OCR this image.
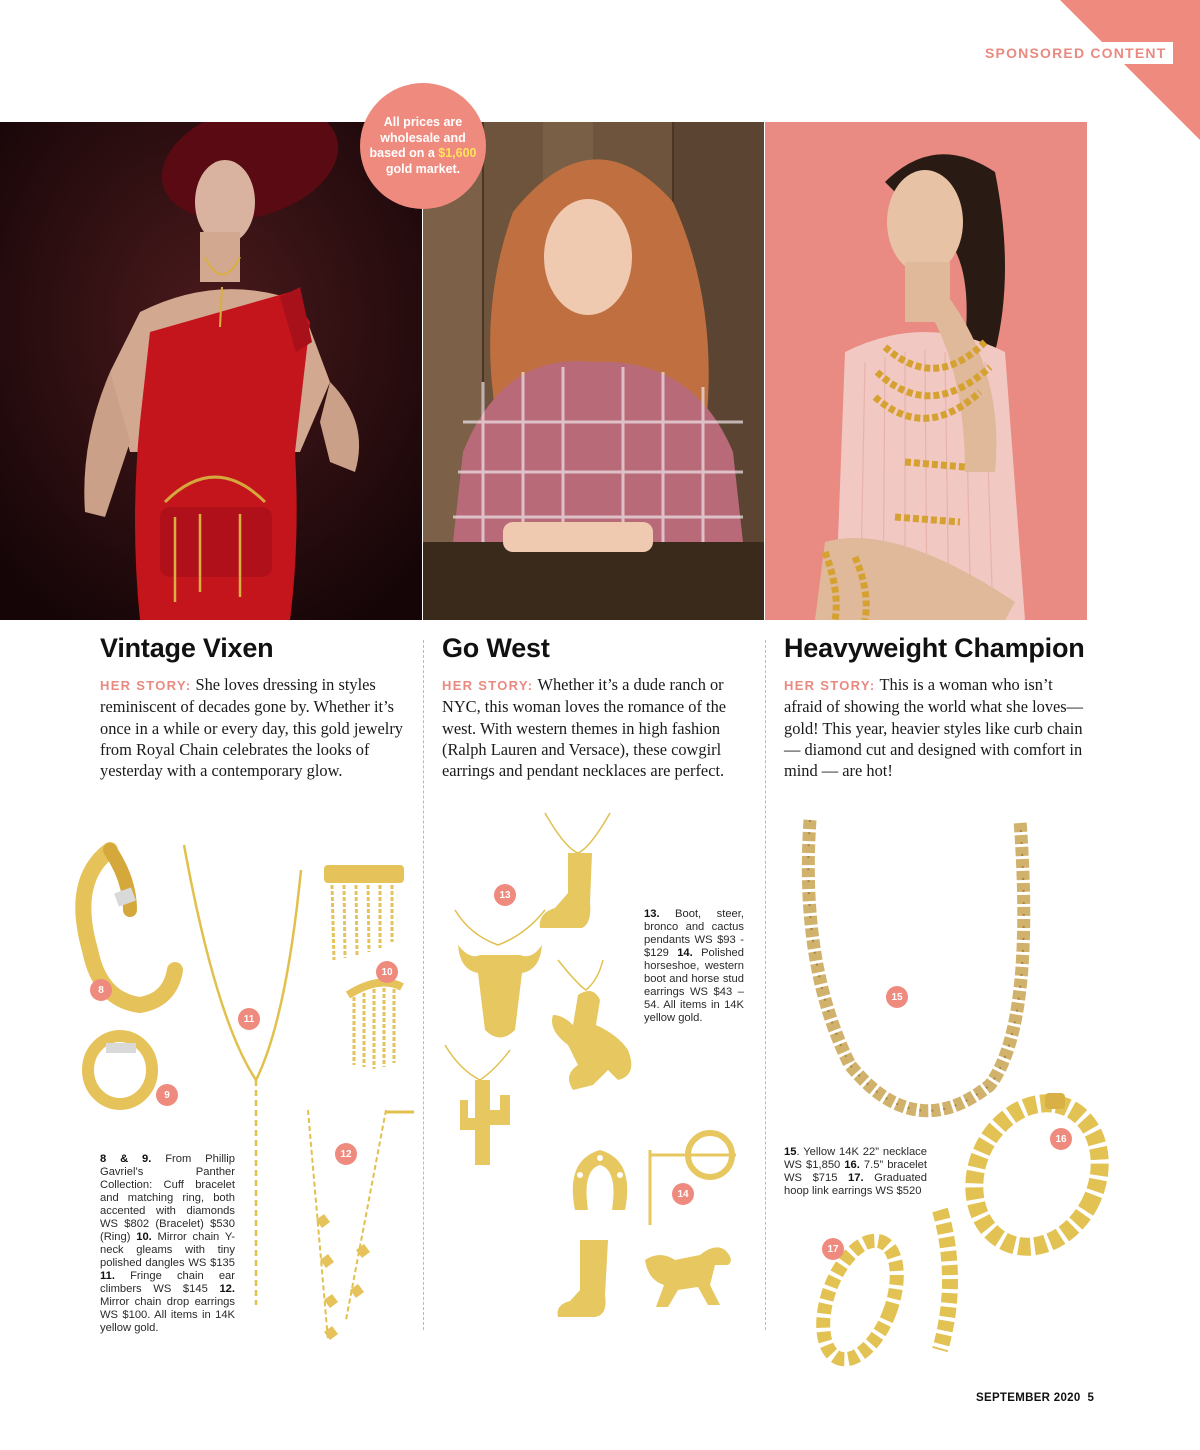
SPONSORED CONTENT

All prices are wholesale and based on a $1,600 gold market.

Vintage Vixen

HER STORY: She loves dressing in styles reminiscent of decades gone by. Whether it’s once in a while or every day, this gold jewelry from Royal Chain celebrates the looks of yesterday with a contemporary glow.

Go West

HER STORY: Whether it’s a dude ranch or NYC, this woman loves the romance of the west. With western themes in high fashion (Ralph Lauren and Versace), these cowgirl earrings and pendant necklaces are perfect.

Heavyweight Champion

HER STORY: This is a woman who isn’t afraid of showing the world what she loves—gold! This year, heavier styles like curb chain — diamond cut and designed with comfort in mind — are hot!

8 & 9. From Phillip Gavriel’s Panther Collection: Cuff bracelet and matching ring, both accented with diamonds WS $802 (Bracelet) $530 (Ring) 10. Mirror chain Y-neck gleams with tiny polished dangles WS $135 11. Fringe chain ear climbers WS $145 12. Mirror chain drop earrings WS $100. All items in 14K yellow gold.

13. Boot, steer, bronco and cactus pendants WS $93 - $129 14. Polished horseshoe, western boot and horse stud earrings WS $43 – 54. All items in 14K yellow gold.

15. Yellow 14K 22” necklace WS $1,850 16. 7.5” bracelet WS $715 17. Graduated hoop link earrings WS $520

8
9
10
11
12
13
14
15
16
17
SEPTEMBER 2020 5
